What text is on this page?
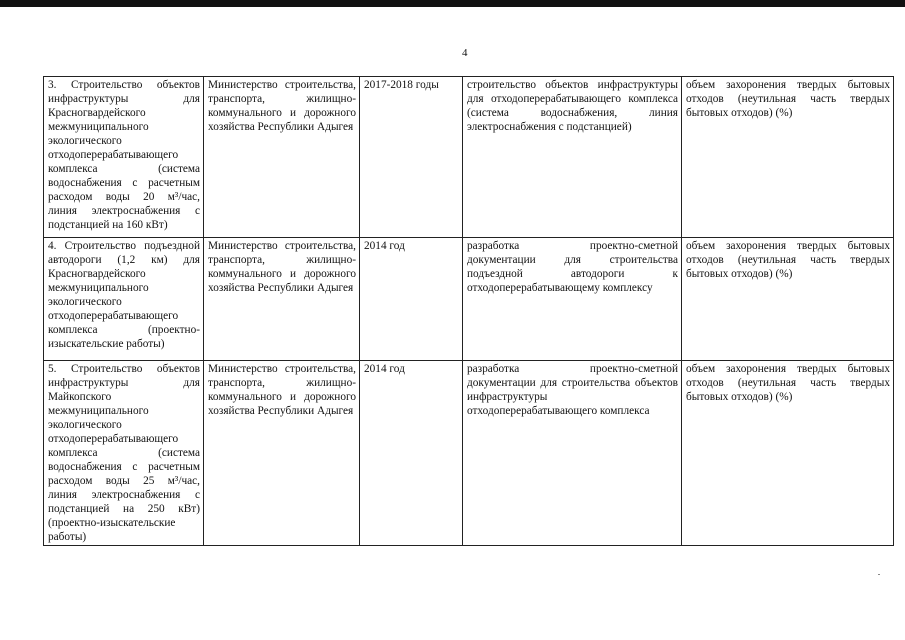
4
3. Строительство объектов инфраструктуры для Красногвардейского межмуниципального экологического отходоперерабатывающего комплекса (система водоснабжения с расчетным расходом воды 20 м³/час, линия электроснабжения с подстанцией на 160 кВт)	Министерство строительства, транспорта, жилищно-коммунального и дорожного хозяйства Республики Адыгея	2017-2018 годы	строительство объектов инфраструктуры для отходоперерабатывающего комплекса (система водоснабжения, линия электроснабжения с подстанцией)	объем захоронения твердых бытовых отходов (неутильная часть твердых бытовых отходов) (%)
4. Строительство подъездной автодороги (1,2 км) для Красногвардейского межмуниципального экологического отходоперерабатывающего комплекса (проектно-изыскательские работы)	Министерство строительства, транспорта, жилищно-коммунального и дорожного хозяйства Республики Адыгея	2014 год	разработка проектно-сметной документации для строительства подъездной автодороги к отходоперерабатывающему комплексу	объем захоронения твердых бытовых отходов (неутильная часть твердых бытовых отходов) (%)
5. Строительство объектов инфраструктуры для Майкопского межмуниципального экологического отходоперерабатывающего комплекса (система водоснабжения с расчетным расходом воды 25 м³/час, линия электроснабжения с подстанцией на 250 кВт) (проектно-изыскательские работы)	Министерство строительства, транспорта, жилищно-коммунального и дорожного хозяйства Республики Адыгея	2014 год	разработка проектно-сметной документации для строительства объектов инфраструктуры отходоперерабатывающего комплекса	объем захоронения твердых бытовых отходов (неутильная часть твердых бытовых отходов) (%)
